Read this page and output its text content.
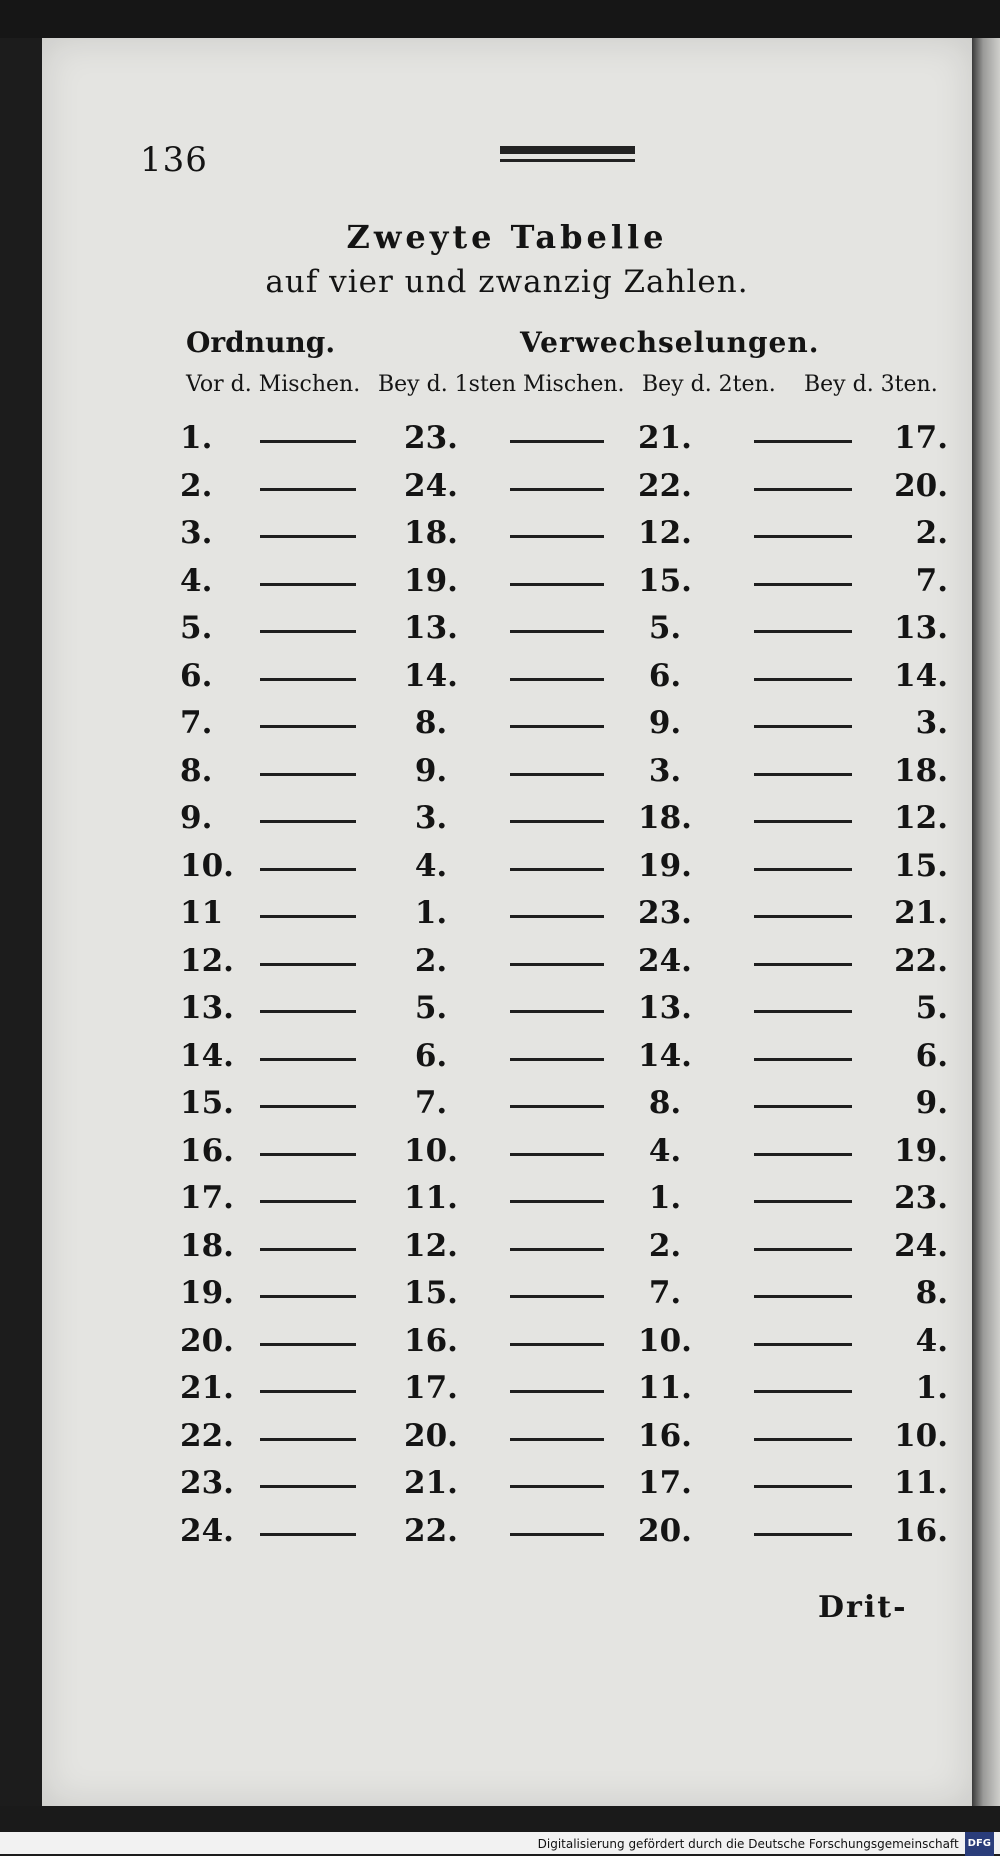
136
Zweyte Tabelle
auf vier und zwanzig Zahlen.
Ordnung.	Verwechselungen.
Vor d. Mischen. Bey d. 1sten Mischen. Bey d. 2ten. Bey d. 3ten.
1.	23.	21.	17.
2.	24.	22.	20.
3.	18.	12.	2.
4.	19.	15.	7.
5.	13.	5.	13.
6.	14.	6.	14.
7.	8.	9.	3.
8.	9.	3.	18.
9.	3.	18.	12.
10.	4.	19.	15.
11	1.	23.	21.
12.	2.	24.	22.
13.	5.	13.	5.
14.	6.	14.	6.
15.	7.	8.	9.
16.	10.	4.	19.
17.	11.	1.	23.
18.	12.	2.	24.
19.	15.	7.	8.
20.	16.	10.	4.
21.	17.	11.	1.
22.	20.	16.	10.
23.	21.	17.	11.
24.	22.	20.	16.
Drit-
Digitalisierung gefördert durch die Deutsche Forschungsgemeinschaft DFG
